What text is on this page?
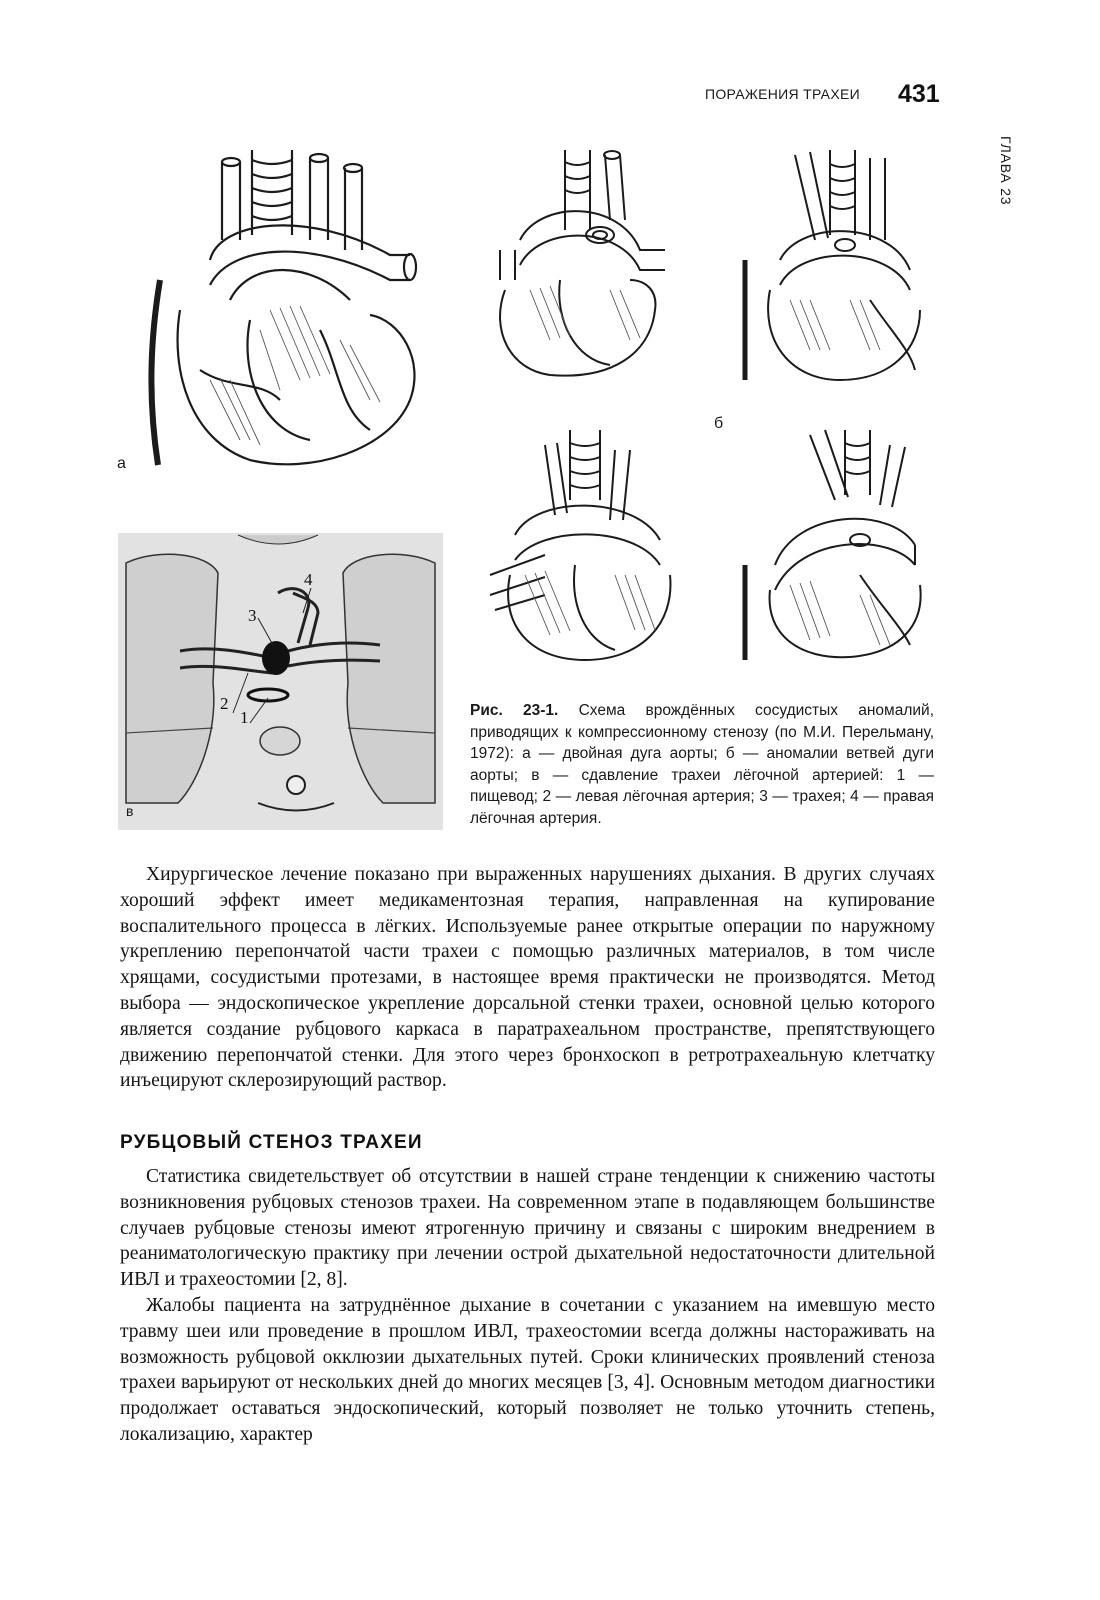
ПОРАЖЕНИЯ ТРАХЕИ 431
ГЛАВА 23
а
б
3
4
2
1
в
Рис. 23-1. Схема врождённых сосудистых аномалий, приводящих к компрессионному стенозу (по М.И. Перельману, 1972): а — двойная дуга аорты; б — аномалии ветвей дуги аорты; в — сдавление трахеи лёгочной артерией: 1 — пищевод; 2 — левая лёгочная артерия; 3 — трахея; 4 — правая лёгочная артерия.

Хирургическое лечение показано при выраженных нарушениях дыхания. В других случаях хороший эффект имеет медикаментозная терапия, направленная на купирование воспалительного процесса в лёгких. Используемые ранее открытые операции по наружному укреплению перепончатой части трахеи с помощью различных материалов, в том числе хрящами, сосудистыми протезами, в настоящее время практически не производятся. Метод выбора — эндоскопическое укрепление дорсальной стенки трахеи, основной целью которого является создание рубцового каркаса в паратрахеальном пространстве, препятствующего движению перепончатой стенки. Для этого через бронхоскоп в ретротрахеальную клетчатку инъецируют склерозирующий раствор.

РУБЦОВЫЙ СТЕНОЗ ТРАХЕИ

Статистика свидетельствует об отсутствии в нашей стране тенденции к снижению частоты возникновения рубцовых стенозов трахеи. На современном этапе в подавляющем большинстве случаев рубцовые стенозы имеют ятрогенную причину и связаны с широким внедрением в реаниматологическую практику при лечении острой дыхательной недостаточности длительной ИВЛ и трахеостомии [2, 8].

Жалобы пациента на затруднённое дыхание в сочетании с указанием на имевшую место травму шеи или проведение в прошлом ИВЛ, трахеостомии всегда должны настораживать на возможность рубцовой окклюзии дыхательных путей. Сроки клинических проявлений стеноза трахеи варьируют от нескольких дней до многих месяцев [3, 4]. Основным методом диагностики продолжает оставаться эндоскопический, который позволяет не только уточнить степень, локализацию, характер
